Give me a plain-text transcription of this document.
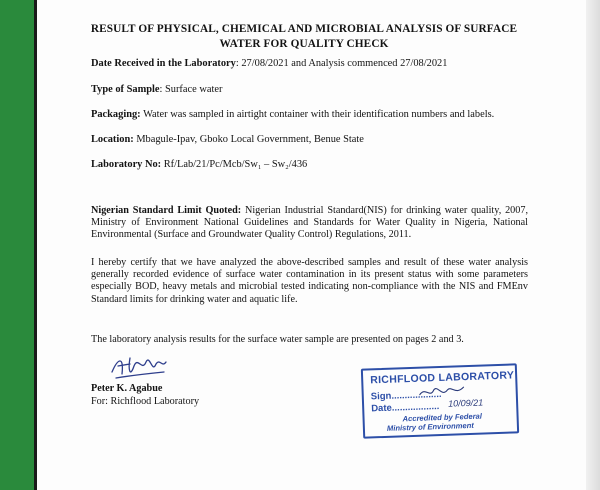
RESULT OF PHYSICAL, CHEMICAL AND MICROBIAL ANALYSIS OF SURFACE
WATER FOR QUALITY CHECK
Date Received in the Laboratory: 27/08/2021 and Analysis commenced 27/08/2021
Type of Sample: Surface water
Packaging: Water was sampled in airtight container with their identification numbers and labels.
Location: Mbagule-Ipav, Gboko Local Government, Benue State
Laboratory No: Rf/Lab/21/Pc/Mcb/Sw₁ – Sw₂/436
Nigerian Standard Limit Quoted: Nigerian Industrial Standard(NIS) for drinking water quality, 2007, Ministry of Environment National Guidelines and Standards for Water Quality in Nigeria, National Environmental (Surface and Groundwater Quality Control) Regulations, 2011.
I hereby certify that we have analyzed the above-described samples and result of these water analysis generally recorded evidence of surface water contamination in its present status with some parameters especially BOD, heavy metals and microbial tested indicating non-compliance with the NIS and FMEnv Standard limits for drinking water and aquatic life.
The laboratory analysis results for the surface water sample are presented on pages 2 and 3.
Peter K. Agabue
For: Richflood Laboratory
RICHFLOOD LABORATORY
Sign...................
Date.................. 10/09/21
Accredited by Federal
Ministry of Environment
